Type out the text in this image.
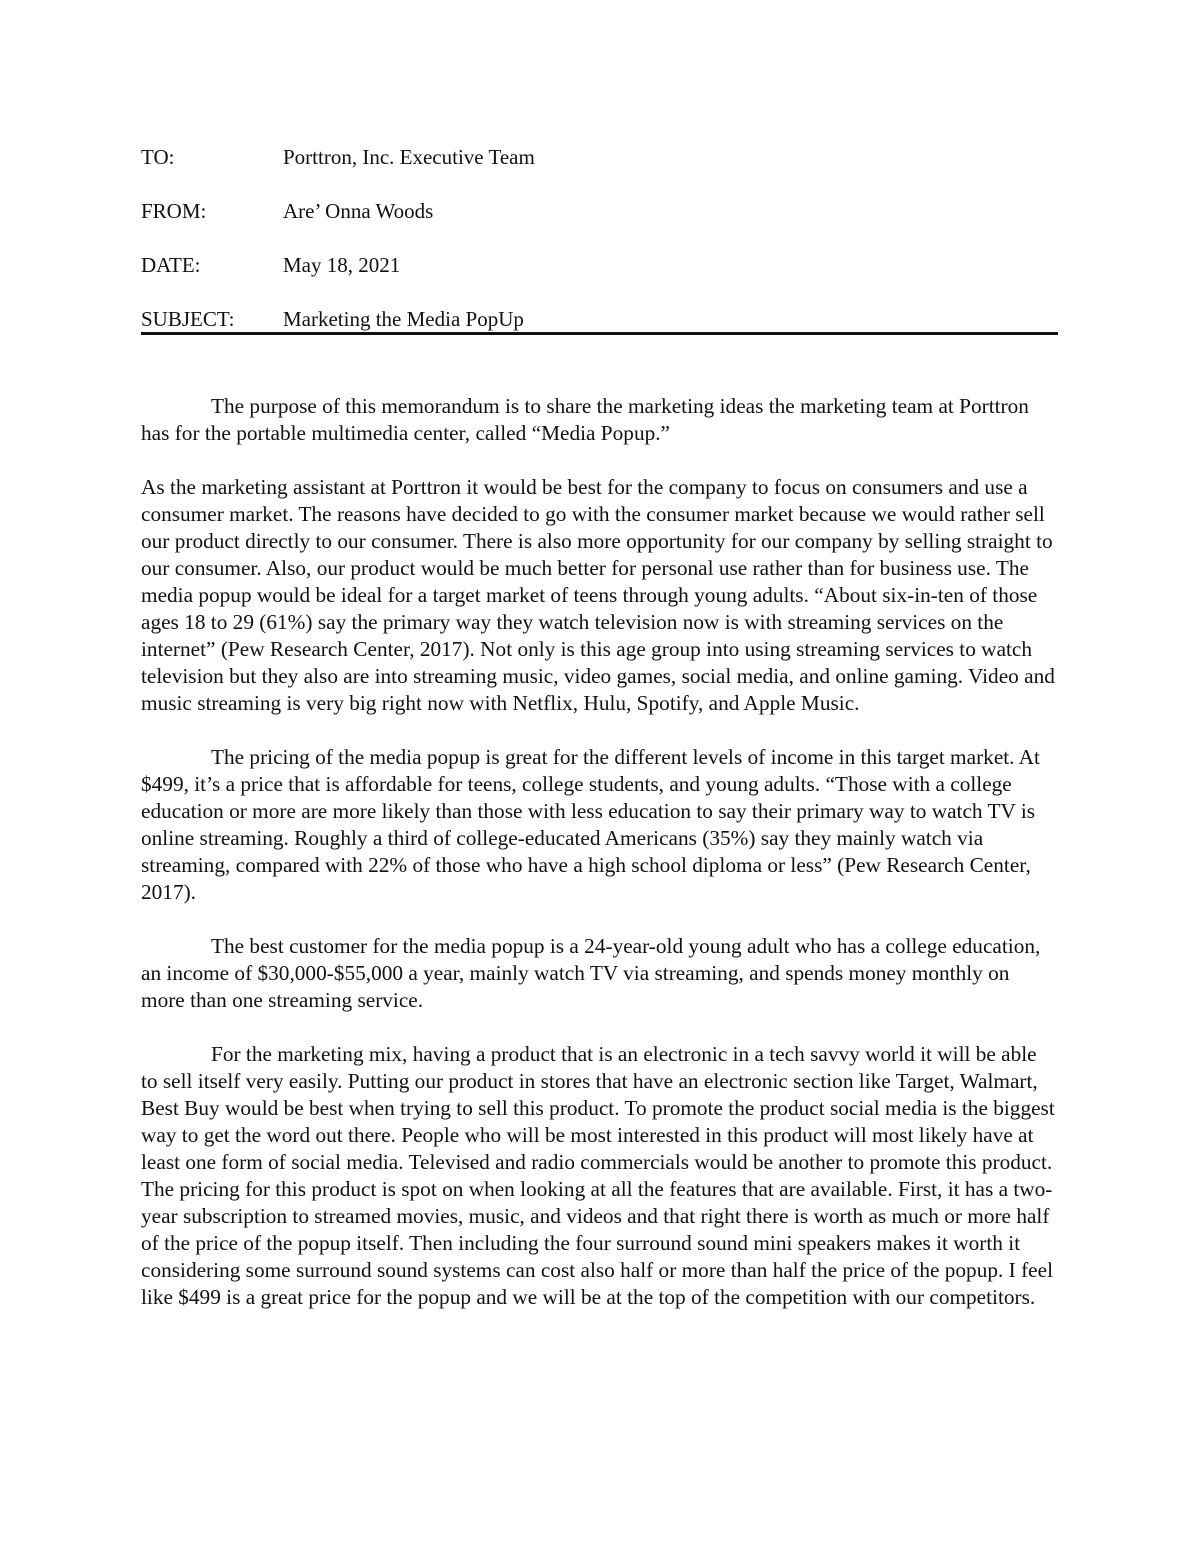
TO:	Porttron, Inc. Executive Team
FROM:	Are’ Onna Woods
DATE:	May 18, 2021
SUBJECT: Marketing the Media PopUp

The purpose of this memorandum is to share the marketing ideas the marketing team at Porttron has for the portable multimedia center, called “Media Popup.”

As the marketing assistant at Porttron it would be best for the company to focus on consumers and use a consumer market. The reasons have decided to go with the consumer market because we would rather sell our product directly to our consumer. There is also more opportunity for our company by selling straight to our consumer. Also, our product would be much better for personal use rather than for business use. The media popup would be ideal for a target market of teens through young adults. “About six-in-ten of those ages 18 to 29 (61%) say the primary way they watch television now is with streaming services on the internet” (Pew Research Center, 2017). Not only is this age group into using streaming services to watch television but they also are into streaming music, video games, social media, and online gaming. Video and music streaming is very big right now with Netflix, Hulu, Spotify, and Apple Music.

The pricing of the media popup is great for the different levels of income in this target market. At $499, it’s a price that is affordable for teens, college students, and young adults. “Those with a college education or more are more likely than those with less education to say their primary way to watch TV is online streaming. Roughly a third of college-educated Americans (35%) say they mainly watch via streaming, compared with 22% of those who have a high school diploma or less” (Pew Research Center, 2017).

The best customer for the media popup is a 24-year-old young adult who has a college education, an income of $30,000-$55,000 a year, mainly watch TV via streaming, and spends money monthly on more than one streaming service.

For the marketing mix, having a product that is an electronic in a tech savvy world it will be able to sell itself very easily. Putting our product in stores that have an electronic section like Target, Walmart, Best Buy would be best when trying to sell this product. To promote the product social media is the biggest way to get the word out there. People who will be most interested in this product will most likely have at least one form of social media. Televised and radio commercials would be another to promote this product. The pricing for this product is spot on when looking at all the features that are available. First, it has a two-year subscription to streamed movies, music, and videos and that right there is worth as much or more half of the price of the popup itself. Then including the four surround sound mini speakers makes it worth it considering some surround sound systems can cost also half or more than half the price of the popup. I feel like $499 is a great price for the popup and we will be at the top of the competition with our competitors.
